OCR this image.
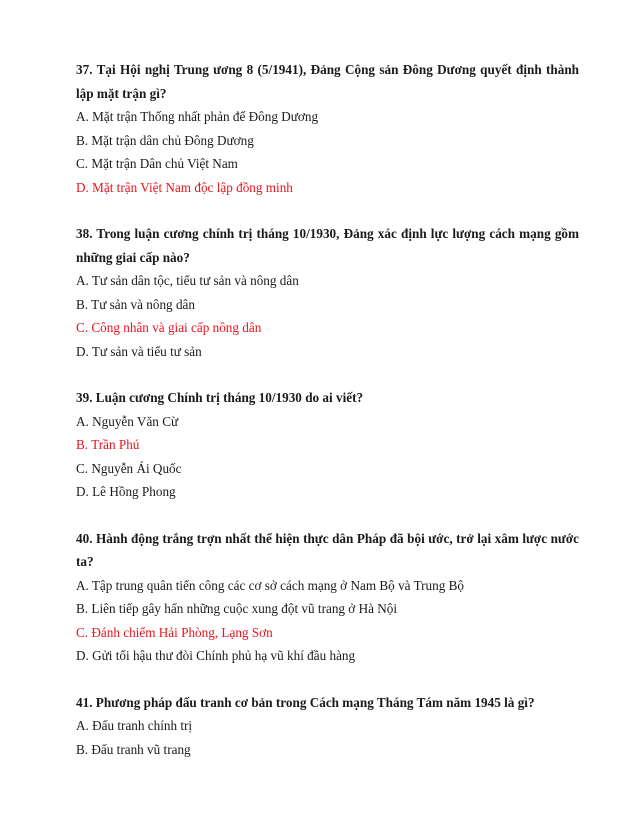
37. Tại Hội nghị Trung ương 8 (5/1941), Đảng Cộng sản Đông Dương quyết định thành lập mặt trận gì?

A. Mặt trận Thống nhất phản đế Đông Dương

B. Mặt trận dân chủ Đông Dương

C. Mặt trận Dân chủ Việt Nam

D. Mặt trận Việt Nam độc lập đồng minh

38. Trong luận cương chính trị tháng 10/1930, Đảng xác định lực lượng cách mạng gồm những giai cấp nào?

A. Tư sản dân tộc, tiểu tư sản và nông dân

B. Tư sản và nông dân

C. Công nhân và giai cấp nông dân

D. Tư sản và tiểu tư sản

39. Luận cương Chính trị tháng 10/1930 do ai viết?

A. Nguyễn Văn Cừ

B. Trần Phú

C. Nguyễn Ái Quốc

D. Lê Hồng Phong

40. Hành động trắng trợn nhất thể hiện thực dân Pháp đã bội ước, trở lại xâm lược nước ta?

A. Tập trung quân tiến công các cơ sở cách mạng ở Nam Bộ và Trung Bộ

B. Liên tiếp gây hấn những cuộc xung đột vũ trang ở Hà Nội

C. Đánh chiếm Hải Phòng, Lạng Sơn

D. Gửi tối hậu thư đòi Chính phủ hạ vũ khí đầu hàng

41. Phương pháp đấu tranh cơ bản trong Cách mạng Tháng Tám năm 1945 là gì?

A. Đấu tranh chính trị

B. Đấu tranh vũ trang
